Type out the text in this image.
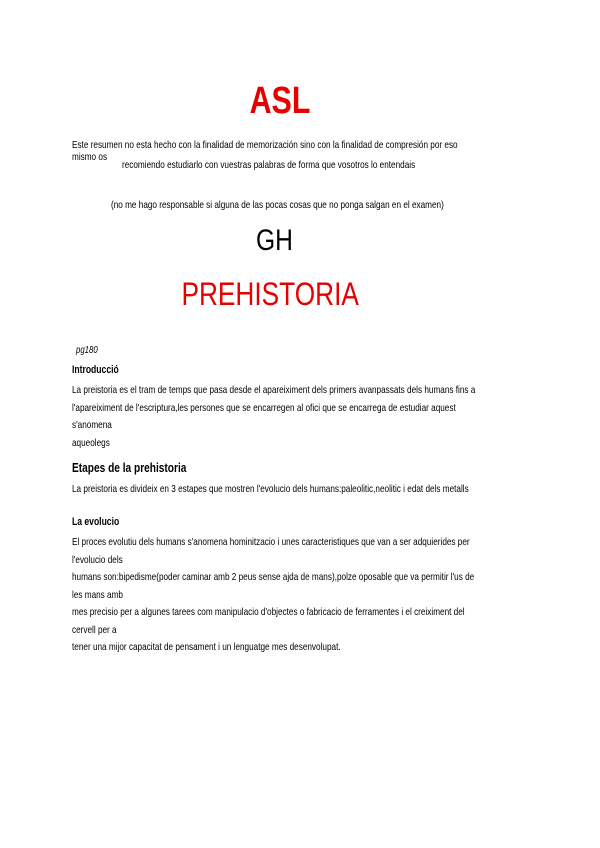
ASL
Este resumen no esta hecho con la finalidad de memorización sino con la finalidad de compresión por eso mismo os
recomiendo estudiarlo con vuestras palabras de forma que vosotros lo entendais
(no me hago responsable si alguna de las pocas cosas que no ponga salgan en el examen)
GH
PREHISTORIA
pg180
Introducció
La preistoria es el tram de temps que pasa desde el apareiximent dels primers avanpassats dels humans fins a
l'apareiximent de l'escriptura,les persones que se encarregen al ofici que se encarrega de estudiar aquest s'anomena
aqueolegs
Etapes de la prehistoria
La preistoria es divideix en 3 estapes que mostren l'evolucio dels humans:paleolitic,neolitic i edat dels metalls
La evolucio
El proces evolutiu dels humans s'anomena hominitzacio i unes caracteristiques que van a ser adquierides per l'evolucio dels
humans son:bipedisme(poder caminar amb 2 peus sense ajda de mans),polze oposable que va permitir l'us de les mans amb
mes precisio per a algunes tarees com manipulacio d'objectes o fabricacio de ferramentes i el creiximent del cervell per a
tener una mijor capacitat de pensament i un lenguatge mes desenvolupat.
